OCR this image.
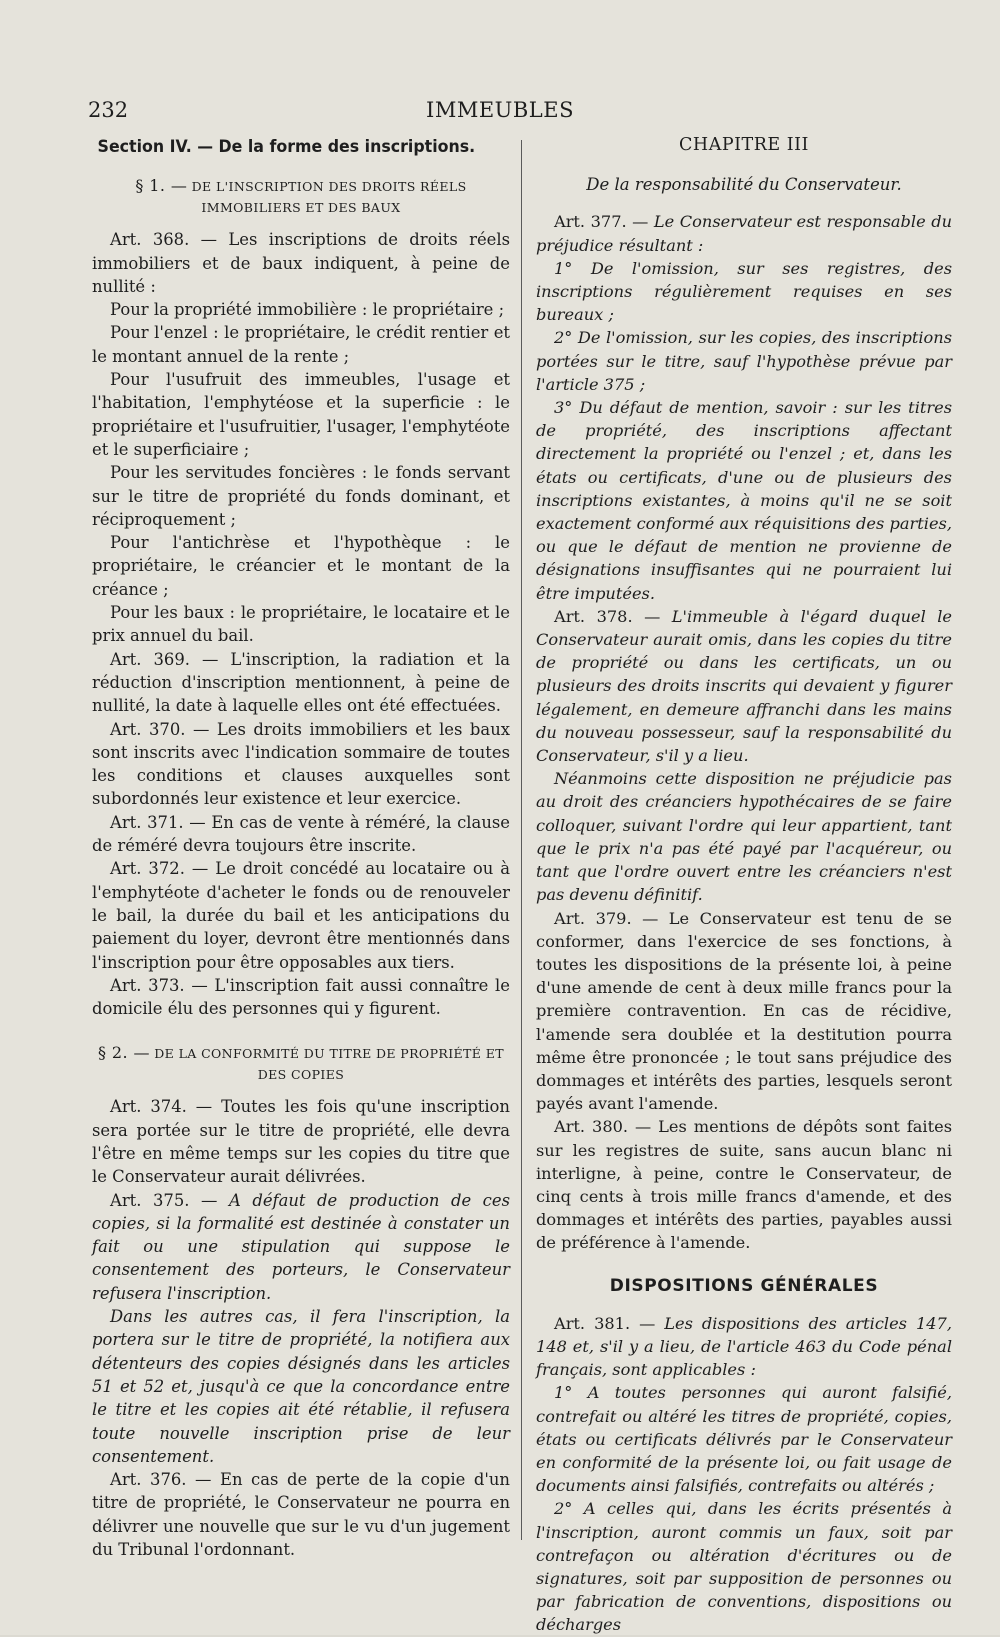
232	IMMEUBLES
Section IV. — De la forme des inscriptions.
§ 1. — DE L'INSCRIPTION DES DROITS RÉELS IMMOBILIERS ET DES BAUX

Art. 368. — Les inscriptions de droits réels immobiliers et de baux indiquent, à peine de nullité :

Pour la propriété immobilière : le propriétaire ;

Pour l'enzel : le propriétaire, le crédit rentier et le montant annuel de la rente ;

Pour l'usufruit des immeubles, l'usage et l'habitation, l'emphytéose et la superficie : le propriétaire et l'usufruitier, l'usager, l'emphytéote et le superficiaire ;

Pour les servitudes foncières : le fonds servant sur le titre de propriété du fonds dominant, et réciproquement ;

Pour l'antichrèse et l'hypothèque : le propriétaire, le créancier et le montant de la créance ;

Pour les baux : le propriétaire, le locataire et le prix annuel du bail.

Art. 369. — L'inscription, la radiation et la réduction d'inscription mentionnent, à peine de nullité, la date à laquelle elles ont été effectuées.

Art. 370. — Les droits immobiliers et les baux sont inscrits avec l'indication sommaire de toutes les conditions et clauses auxquelles sont subordonnés leur existence et leur exercice.

Art. 371. — En cas de vente à réméré, la clause de réméré devra toujours être inscrite.

Art. 372. — Le droit concédé au locataire ou à l'emphytéote d'acheter le fonds ou de renouveler le bail, la durée du bail et les anticipations du paiement du loyer, devront être mentionnés dans l'inscription pour être opposables aux tiers.

Art. 373. — L'inscription fait aussi connaître le domicile élu des personnes qui y figurent.

§ 2. — DE LA CONFORMITÉ DU TITRE DE PROPRIÉTÉ ET DES COPIES

Art. 374. — Toutes les fois qu'une inscription sera portée sur le titre de propriété, elle devra l'être en même temps sur les copies du titre que le Conservateur aurait délivrées.

Art. 375. — A défaut de production de ces copies, si la formalité est destinée à constater un fait ou une stipulation qui suppose le consentement des porteurs, le Conservateur refusera l'inscription.

Dans les autres cas, il fera l'inscription, la portera sur le titre de propriété, la notifiera aux détenteurs des copies désignés dans les articles 51 et 52 et, jusqu'à ce que la concordance entre le titre et les copies ait été rétablie, il refusera toute nouvelle inscription prise de leur consentement.

Art. 376. — En cas de perte de la copie d'un titre de propriété, le Conservateur ne pourra en délivrer une nouvelle que sur le vu d'un jugement du Tribunal l'ordonnant.

CHAPITRE III
De la responsabilité du Conservateur.

Art. 377. — Le Conservateur est responsable du préjudice résultant :

1° De l'omission, sur ses registres, des inscriptions régulièrement requises en ses bureaux ;

2° De l'omission, sur les copies, des inscriptions portées sur le titre, sauf l'hypothèse prévue par l'article 375 ;

3° Du défaut de mention, savoir : sur les titres de propriété, des inscriptions affectant directement la propriété ou l'enzel ; et, dans les états ou certificats, d'une ou de plusieurs des inscriptions existantes, à moins qu'il ne se soit exactement conformé aux réquisitions des parties, ou que le défaut de mention ne provienne de désignations insuffisantes qui ne pourraient lui être imputées.

Art. 378. — L'immeuble à l'égard duquel le Conservateur aurait omis, dans les copies du titre de propriété ou dans les certificats, un ou plusieurs des droits inscrits qui devaient y figurer légalement, en demeure affranchi dans les mains du nouveau possesseur, sauf la responsabilité du Conservateur, s'il y a lieu.

Néanmoins cette disposition ne préjudicie pas au droit des créanciers hypothécaires de se faire colloquer, suivant l'ordre qui leur appartient, tant que le prix n'a pas été payé par l'acquéreur, ou tant que l'ordre ouvert entre les créanciers n'est pas devenu définitif.

Art. 379. — Le Conservateur est tenu de se conformer, dans l'exercice de ses fonctions, à toutes les dispositions de la présente loi, à peine d'une amende de cent à deux mille francs pour la première contravention. En cas de récidive, l'amende sera doublée et la destitution pourra même être prononcée ; le tout sans préjudice des dommages et intérêts des parties, lesquels seront payés avant l'amende.

Art. 380. — Les mentions de dépôts sont faites sur les registres de suite, sans aucun blanc ni interligne, à peine, contre le Conservateur, de cinq cents à trois mille francs d'amende, et des dommages et intérêts des parties, payables aussi de préférence à l'amende.

DISPOSITIONS GÉNÉRALES

Art. 381. — Les dispositions des articles 147, 148 et, s'il y a lieu, de l'article 463 du Code pénal français, sont applicables :

1° A toutes personnes qui auront falsifié, contrefait ou altéré les titres de propriété, copies, états ou certificats délivrés par le Conservateur en conformité de la présente loi, ou fait usage de documents ainsi falsifiés, contrefaits ou altérés ;

2° A celles qui, dans les écrits présentés à l'inscription, auront commis un faux, soit par contrefaçon ou altération d'écritures ou de signatures, soit par supposition de personnes ou par fabrication de conventions, dispositions ou décharges
